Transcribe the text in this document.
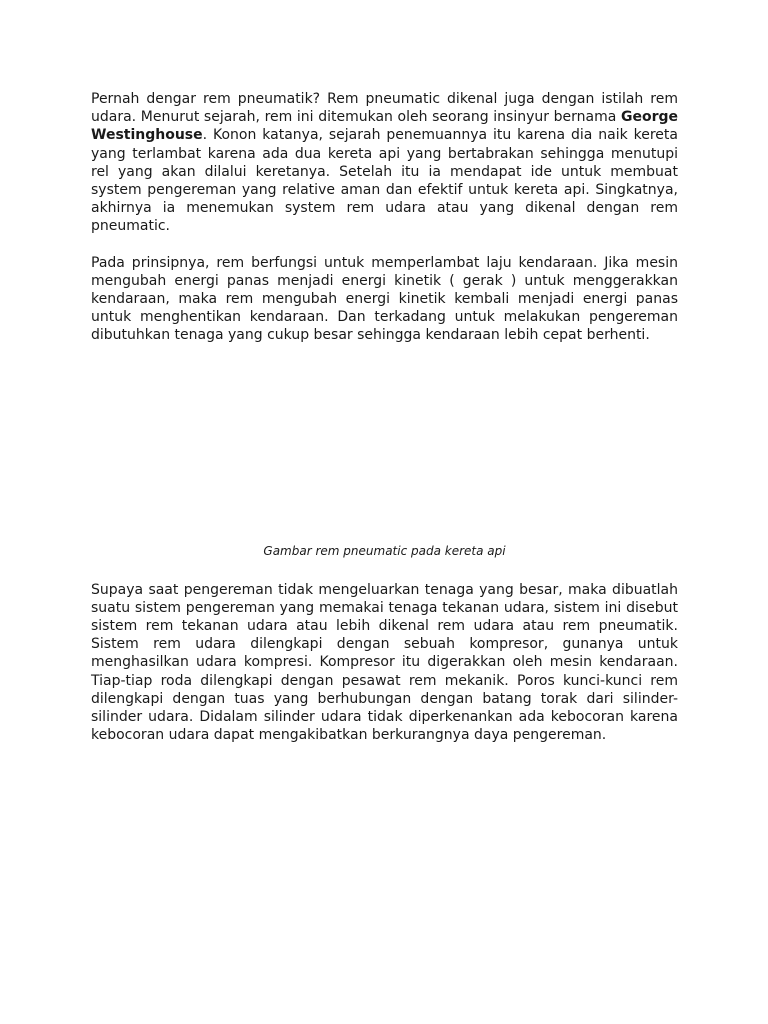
Pernah dengar rem pneumatik? Rem pneumatic dikenal juga dengan istilah rem udara. Menurut sejarah, rem ini ditemukan oleh seorang insinyur bernama George Westinghouse. Konon katanya, sejarah penemuannya itu karena dia naik kereta yang terlambat karena ada dua kereta api yang bertabrakan sehingga menutupi rel yang akan dilalui keretanya. Setelah itu ia mendapat ide untuk membuat system pengereman yang relative aman dan efektif untuk kereta api. Singkatnya, akhirnya ia menemukan system rem udara atau yang dikenal dengan rem pneumatic.

Pada prinsipnya, rem berfungsi untuk memperlambat laju kendaraan. Jika mesin mengubah energi panas menjadi energi kinetik ( gerak ) untuk menggerakkan kendaraan, maka rem mengubah energi kinetik kembali menjadi energi panas untuk menghentikan kendaraan. Dan terkadang untuk melakukan pengereman dibutuhkan tenaga yang cukup besar sehingga kendaraan lebih cepat berhenti.

Gambar rem pneumatic pada kereta api

Supaya saat pengereman tidak mengeluarkan tenaga yang besar, maka dibuatlah suatu sistem pengereman yang memakai tenaga tekanan udara, sistem ini disebut sistem rem tekanan udara atau lebih dikenal rem udara atau rem pneumatik. Sistem rem udara dilengkapi dengan sebuah kompresor, gunanya untuk menghasilkan udara kompresi. Kompresor itu digerakkan oleh mesin kendaraan. Tiap-tiap roda dilengkapi dengan pesawat rem mekanik. Poros kunci-kunci rem dilengkapi dengan tuas yang berhubungan dengan batang torak dari silinder-silinder udara. Didalam silinder udara tidak diperkenankan ada kebocoran karena kebocoran udara dapat mengakibatkan berkurangnya daya pengereman.
